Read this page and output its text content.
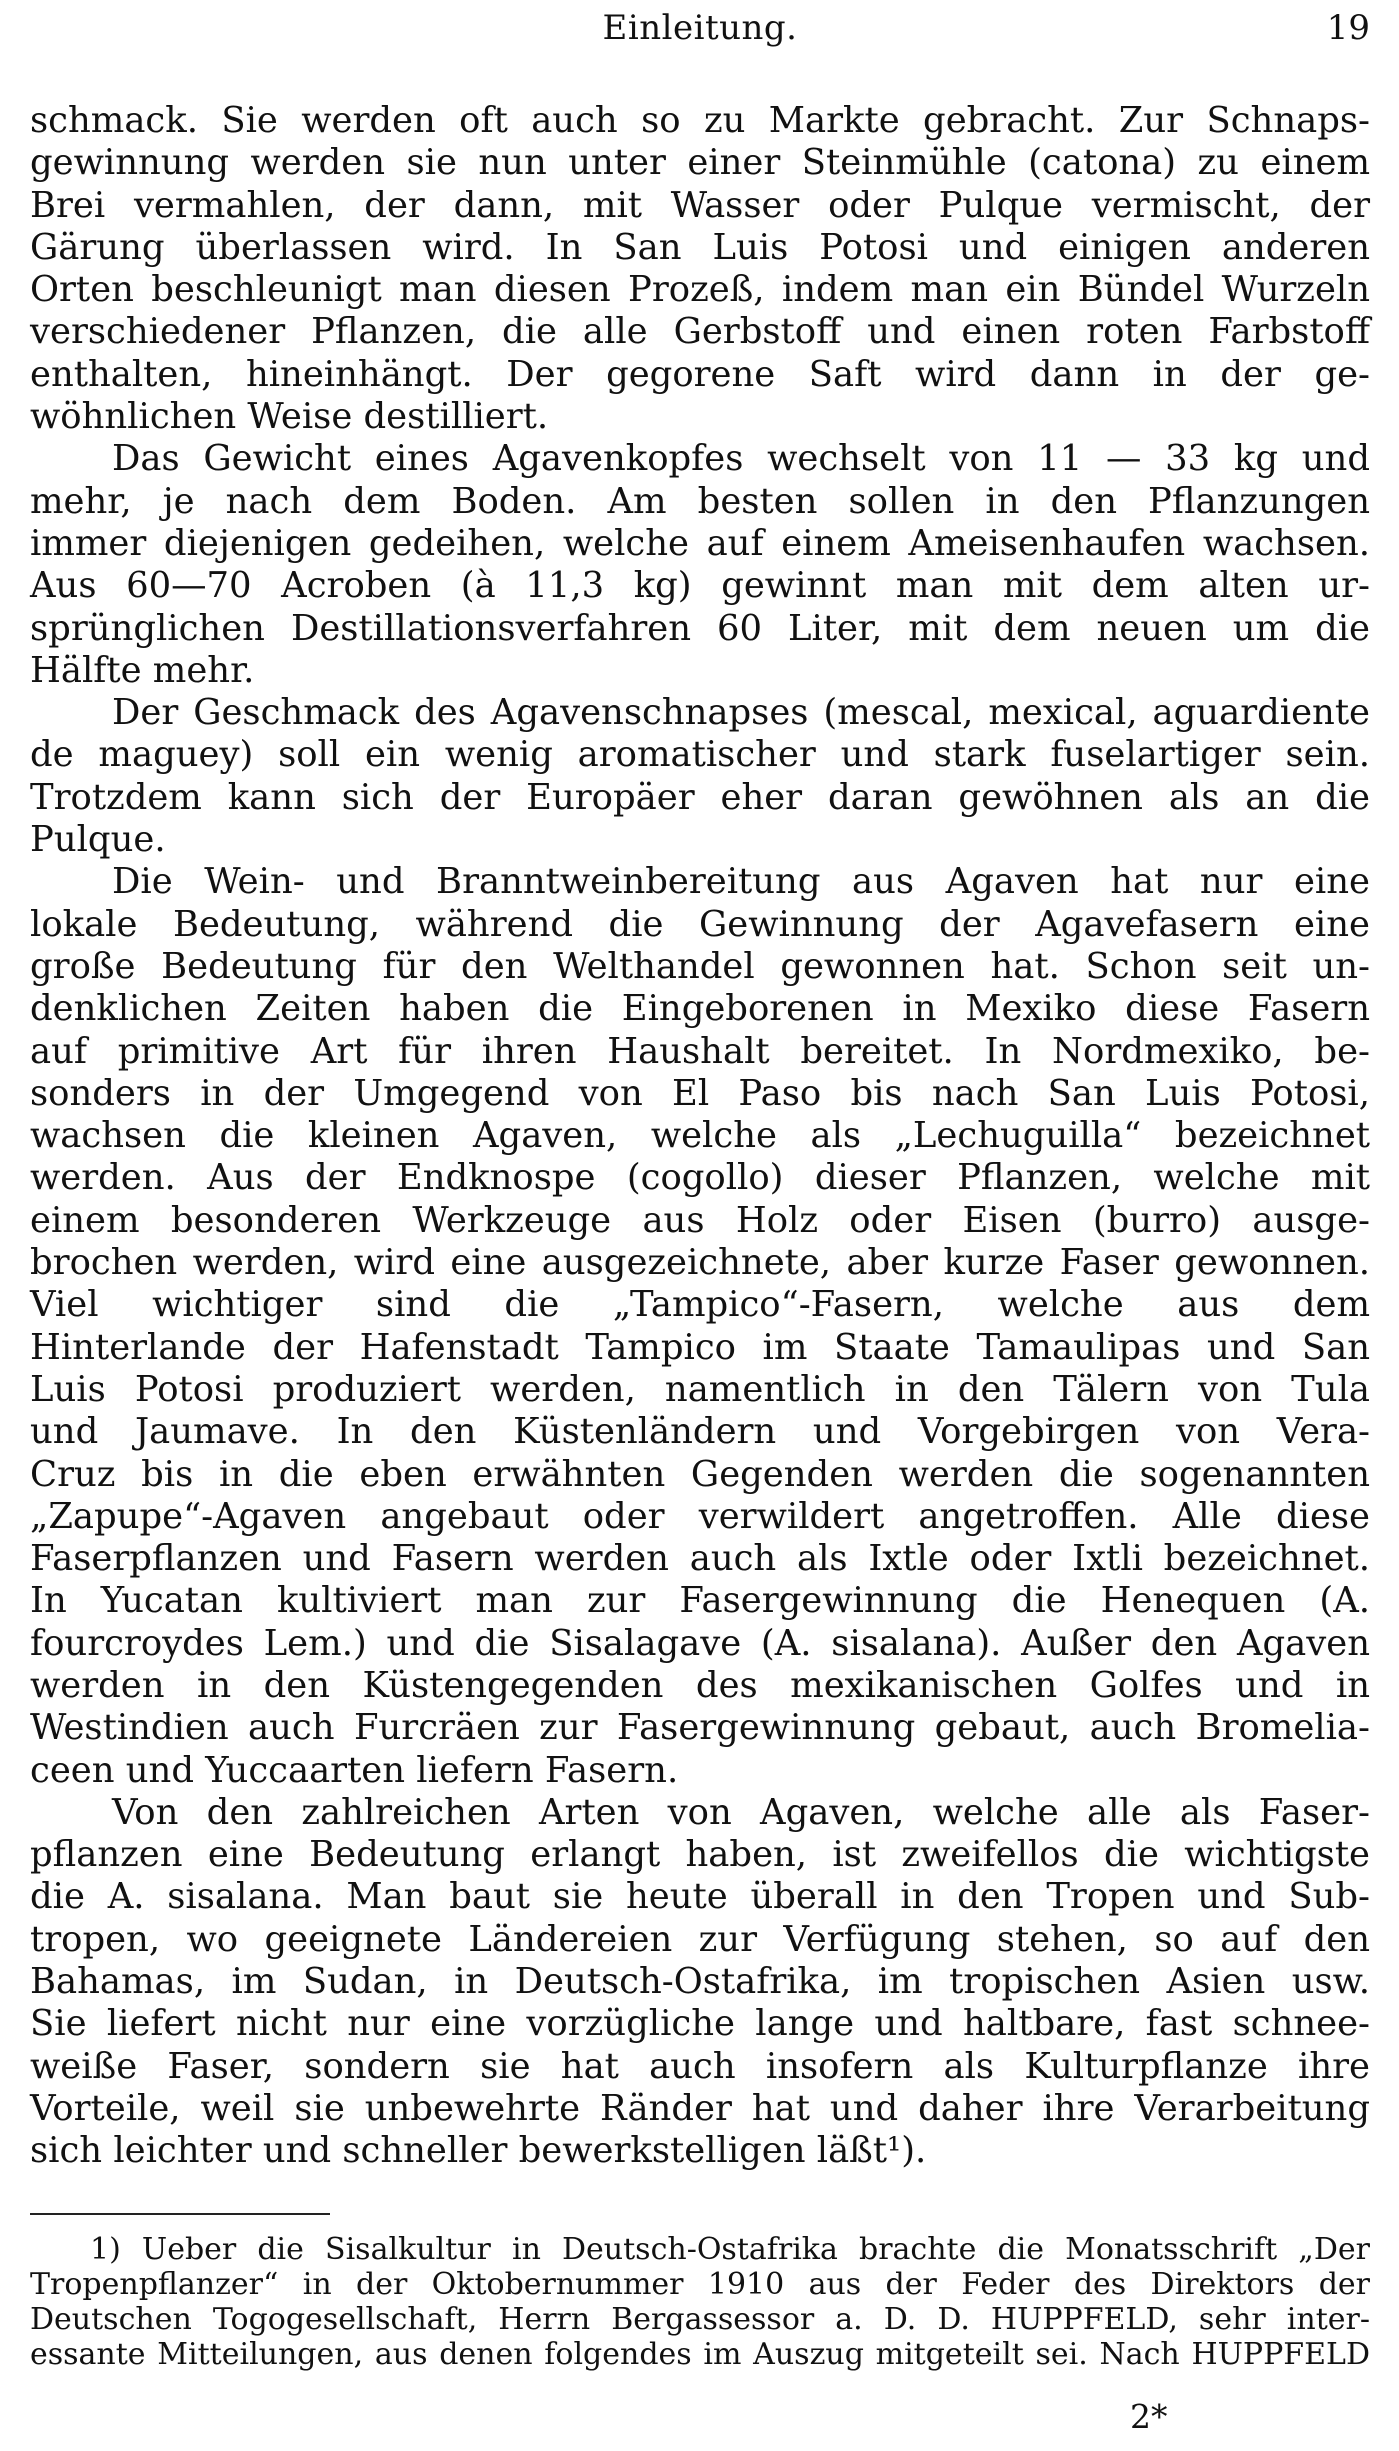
Einleitung.	19

schmack. Sie werden oft auch so zu Markte gebracht. Zur Schnaps-
gewinnung werden sie nun unter einer Steinmühle (catona) zu einem
Brei vermahlen, der dann, mit Wasser oder Pulque vermischt, der
Gärung überlassen wird. In San Luis Potosi und einigen anderen
Orten beschleunigt man diesen Prozeß, indem man ein Bündel Wurzeln
verschiedener Pflanzen, die alle Gerbstoff und einen roten Farbstoff
enthalten, hineinhängt. Der gegorene Saft wird dann in der ge-
wöhnlichen Weise destilliert.

Das Gewicht eines Agavenkopfes wechselt von 11 — 33 kg und
mehr, je nach dem Boden. Am besten sollen in den Pflanzungen
immer diejenigen gedeihen, welche auf einem Ameisenhaufen wachsen.
Aus 60—70 Acroben (à 11,3 kg) gewinnt man mit dem alten ur-
sprünglichen Destillationsverfahren 60 Liter, mit dem neuen um die
Hälfte mehr.

Der Geschmack des Agavenschnapses (mescal, mexical, aguardiente
de maguey) soll ein wenig aromatischer und stark fuselartiger sein.
Trotzdem kann sich der Europäer eher daran gewöhnen als an die
Pulque.

Die Wein- und Branntweinbereitung aus Agaven hat nur eine
lokale Bedeutung, während die Gewinnung der Agavefasern eine
große Bedeutung für den Welthandel gewonnen hat. Schon seit un-
denklichen Zeiten haben die Eingeborenen in Mexiko diese Fasern
auf primitive Art für ihren Haushalt bereitet. In Nordmexiko, be-
sonders in der Umgegend von El Paso bis nach San Luis Potosi,
wachsen die kleinen Agaven, welche als „Lechuguilla“ bezeichnet
werden. Aus der Endknospe (cogollo) dieser Pflanzen, welche mit
einem besonderen Werkzeuge aus Holz oder Eisen (burro) ausge-
brochen werden, wird eine ausgezeichnete, aber kurze Faser gewonnen.
Viel wichtiger sind die „Tampico“-Fasern, welche aus dem
Hinterlande der Hafenstadt Tampico im Staate Tamaulipas und San
Luis Potosi produziert werden, namentlich in den Tälern von Tula
und Jaumave. In den Küstenländern und Vorgebirgen von Vera-
Cruz bis in die eben erwähnten Gegenden werden die sogenannten
„Zapupe“-Agaven angebaut oder verwildert angetroffen. Alle diese
Faserpflanzen und Fasern werden auch als Ixtle oder Ixtli bezeichnet.
In Yucatan kultiviert man zur Fasergewinnung die Henequen (A.
fourcroydes Lem.) und die Sisalagave (A. sisalana). Außer den Agaven
werden in den Küstengegenden des mexikanischen Golfes und in
Westindien auch Furcräen zur Fasergewinnung gebaut, auch Bromelia-
ceen und Yuccaarten liefern Fasern.

Von den zahlreichen Arten von Agaven, welche alle als Faser-
pflanzen eine Bedeutung erlangt haben, ist zweifellos die wichtigste
die A. sisalana. Man baut sie heute überall in den Tropen und Sub-
tropen, wo geeignete Ländereien zur Verfügung stehen, so auf den
Bahamas, im Sudan, in Deutsch-Ostafrika, im tropischen Asien usw.
Sie liefert nicht nur eine vorzügliche lange und haltbare, fast schnee-
weiße Faser, sondern sie hat auch insofern als Kulturpflanze ihre
Vorteile, weil sie unbewehrte Ränder hat und daher ihre Verarbeitung
sich leichter und schneller bewerkstelligen läßt¹).

1) Ueber die Sisalkultur in Deutsch-Ostafrika brachte die Monatsschrift „Der
Tropenpflanzer“ in der Oktobernummer 1910 aus der Feder des Direktors der
Deutschen Togogesellschaft, Herrn Bergassessor a. D. D. HUPPFELD, sehr inter-
essante Mitteilungen, aus denen folgendes im Auszug mitgeteilt sei. Nach HUPPFELD
2*
